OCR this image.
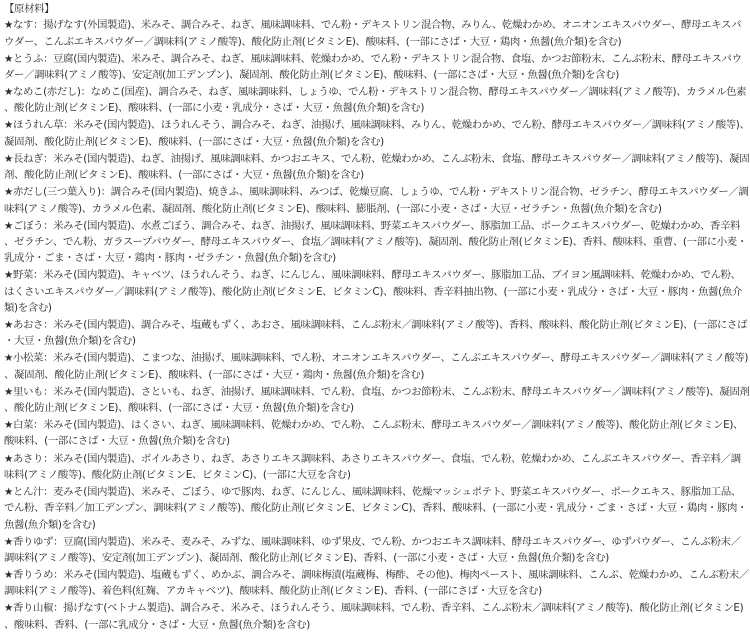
【原材料】
★なす：揚げなす(外国製造)、米みそ、調合みそ、ねぎ、風味調味料、でん粉・デキストリン混合物、みりん、乾燥わかめ、オニオンエキスパウダー、酵母エキスパウダー、こんぶエキスパウダー／調味料(アミノ酸等)、酸化防止剤(ビタミンE)、酸味料、(一部にさば・大豆・鶏肉・魚醤(魚介類)を含む)
★とうふ：豆腐(国内製造)、米みそ、調合みそ、ねぎ、風味調味料、乾燥わかめ、でん粉・デキストリン混合物、食塩、かつお節粉末、こんぶ粉末、酵母エキスパウダー／調味料(アミノ酸等)、安定剤(加工デンプン)、凝固剤、酸化防止剤(ビタミンE)、酸味料、(一部にさば・大豆・魚醤(魚介類)を含む)
★なめこ(赤だし)：なめこ(国産)、調合みそ、ねぎ、風味調味料、しょうゆ、でん粉・デキストリン混合物、酵母エキスパウダー／調味料(アミノ酸等)、カラメル色素、酸化防止剤(ビタミンE)、酸味料、(一部に小麦・乳成分・さば・大豆・魚醤(魚介類)を含む)
★ほうれん草：米みそ(国内製造)、ほうれんそう、調合みそ、ねぎ、油揚げ、風味調味料、みりん、乾燥わかめ、でん粉、酵母エキスパウダー／調味料(アミノ酸等)、凝固剤、酸化防止剤(ビタミンE)、酸味料、(一部にさば・大豆・魚醤(魚介類)を含む)
★長ねぎ：米みそ(国内製造)、ねぎ、油揚げ、風味調味料、かつおエキス、でん粉、乾燥わかめ、こんぶ粉末、食塩、酵母エキスパウダー／調味料(アミノ酸等)、凝固剤、酸化防止剤(ビタミンE)、酸味料、(一部にさば・大豆・魚醤(魚介類)を含む)
★赤だし(三つ葉入り)：調合みそ(国内製造)、焼きふ、風味調味料、みつば、乾燥豆腐、しょうゆ、でん粉・デキストリン混合物、ゼラチン、酵母エキスパウダー／調味料(アミノ酸等)、カラメル色素、凝固剤、酸化防止剤(ビタミンE)、酸味料、膨脹剤、(一部に小麦・さば・大豆・ゼラチン・魚醤(魚介類)を含む)
★ごぼう：米みそ(国内製造)、水煮ごぼう、調合みそ、ねぎ、油揚げ、風味調味料、野菜エキスパウダー、豚脂加工品、ポークエキスパウダー、乾燥わかめ、香辛料、ゼラチン、でん粉、ガラスープパウダー、酵母エキスパウダー、食塩／調味料(アミノ酸等)、凝固剤、酸化防止剤(ビタミンE)、香料、酸味料、重曹、(一部に小麦・乳成分・ごま・さば・大豆・鶏肉・豚肉・ゼラチン・魚醤(魚介類)を含む)
★野菜：米みそ(国内製造)、キャベツ、ほうれんそう、ねぎ、にんじん、風味調味料、酵母エキスパウダー、豚脂加工品、ブイヨン風調味料、乾燥わかめ、でん粉、はくさいエキスパウダー／調味料(アミノ酸等)、酸化防止剤(ビタミンE、ビタミンC)、酸味料、香辛料抽出物、(一部に小麦・乳成分・さば・大豆・豚肉・魚醤(魚介類)を含む)
★あおさ：米みそ(国内製造)、調合みそ、塩蔵もずく、あおさ、風味調味料、こんぶ粉末／調味料(アミノ酸等)、香料、酸味料、酸化防止剤(ビタミンE)、(一部にさば・大豆・魚醤(魚介類)を含む)
★小松菜：米みそ(国内製造)、こまつな、油揚げ、風味調味料、でん粉、オニオンエキスパウダー、こんぶエキスパウダー、酵母エキスパウダー／調味料(アミノ酸等)、凝固剤、酸化防止剤(ビタミンE)、酸味料、(一部にさば・大豆・鶏肉・魚醤(魚介類)を含む)
★里いも：米みそ(国内製造)、さといも、ねぎ、油揚げ、風味調味料、でん粉、食塩、かつお節粉末、こんぶ粉末、酵母エキスパウダー／調味料(アミノ酸等)、凝固剤、酸化防止剤(ビタミンE)、酸味料、(一部にさば・大豆・魚醤(魚介類)を含む)
★白菜：米みそ(国内製造)、はくさい、ねぎ、風味調味料、乾燥わかめ、でん粉、こんぶ粉末、酵母エキスパウダー／調味料(アミノ酸等)、酸化防止剤(ビタミンE)、酸味料、(一部にさば・大豆・魚醤(魚介類)を含む)
★あさり：米みそ(国内製造)、ボイルあさり、ねぎ、あさりエキス調味料、あさりエキスパウダー、食塩、でん粉、乾燥わかめ、こんぶエキスパウダー、香辛料／調味料(アミノ酸等)、酸化防止剤(ビタミンE、ビタミンC)、(一部に大豆を含む)
★とん汁：麦みそ(国内製造)、米みそ、ごぼう、ゆで豚肉、ねぎ、にんじん、風味調味料、乾燥マッシュポテト、野菜エキスパウダー、ポークエキス、豚脂加工品、でん粉、香辛料／加工デンプン、調味料(アミノ酸等)、酸化防止剤(ビタミンE、ビタミンC)、香料、酸味料、(一部に小麦・乳成分・ごま・さば・大豆・鶏肉・豚肉・魚醤(魚介類)を含む)
★香りゆず：豆腐(国内製造)、米みそ、麦みそ、みずな、風味調味料、ゆず果皮、でん粉、かつおエキス調味料、酵母エキスパウダー、ゆずパウダー、こんぶ粉末／調味料(アミノ酸等)、安定剤(加工デンプン)、凝固剤、酸化防止剤(ビタミンE)、香料、(一部に小麦・さば・大豆・魚醤(魚介類)を含む)
★香りうめ：米みそ(国内製造)、塩蔵もずく、めかぶ、調合みそ、調味梅漬(塩蔵梅、梅酢、その他)、梅肉ペースト、風味調味料、こんぶ、乾燥わかめ、こんぶ粉末／調味料(アミノ酸等)、着色料(紅麹、アカキャベツ)、酸味料、酸化防止剤(ビタミンE)、香料、(一部にさば・大豆を含む)
★香り山椒：揚げなす(ベトナム製造)、調合みそ、米みそ、ほうれんそう、風味調味料、でん粉、香辛料、こんぶ粉末／調味料(アミノ酸等)、酸化防止剤(ビタミンE)、酸味料、香料、(一部に乳成分・さば・大豆・魚醤(魚介類)を含む)
